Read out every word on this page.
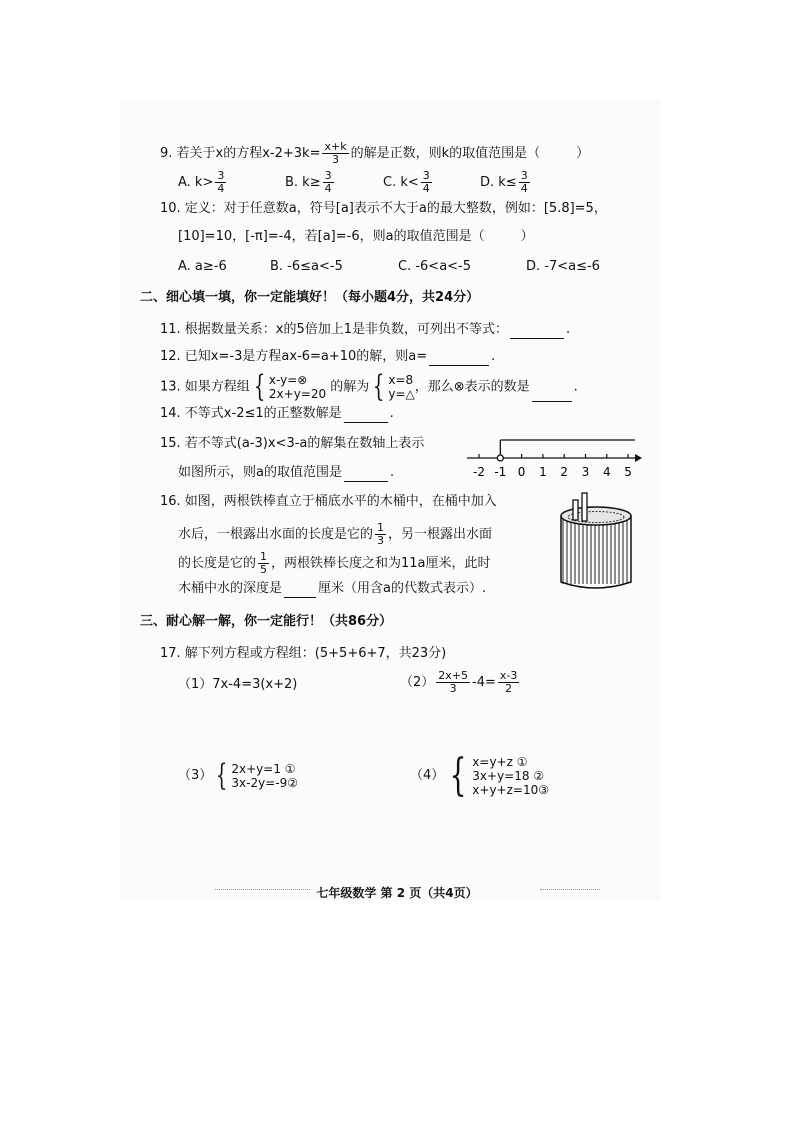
9. 若关于x的方程$x-2+3k= \frac{x+k}{3}$ 的解是正数，则k的取值范围是（	）
A. $k> \frac{3}{4}$	B. $k\ge \frac{3}{4}$	C. $k< \frac{3}{4}$	D. $k\le \frac{3}{4}$
10. 定义：对于任意数a，符号[a]表示不大于a的最大整数，例如：[5.8]=5，
[10]=10，[-π]=-4，若[a]=-6，则a的取值范围是（	）
A. a≥-6	B. -6≤a<-5	C. -6<a<-5	D. -7<a≤-6
二、细心填一填，你一定能填好！（每小题4分，共24分）
11. 根据数量关系：x的5倍加上1是非负数，可列出不等式：	.
12. 已知x=-3是方程ax-6=a+10的解，则a=	.
13. 如果方程组 { x-y=⊗
2x+y=20 的解为 { x=8
y=△ ，那么⊗表示的数是	.
14. 不等式x-2≤1的正整数解是	.
15. 若不等式(a-3)x<3-a的解集在数轴上表示
如图所示，则a的取值范围是	.	-2 -1 0 1 2 3 4 5
16. 如图，两根铁棒直立于桶底水平的木桶中，在桶中加入
水后，一根露出水面的长度是它的 $\frac{1}{3}$ ，另一根露出水面
的长度是它的 $\frac{1}{5}$ ，两根铁棒长度之和为11a厘米，此时
木桶中水的深度是	厘米（用含a的代数式表示）.
三、耐心解一解，你一定能行！（共86分）
17. 解下列方程或方程组：(5+5+6+7，共23分)
（1）7x-4=3(x+2)	$(2) \frac{2x+5}{3} -4= \frac{x-3}{2}$
（3） { 2x+y=1 ①
3x-2y=-9②	（4） { x=y+z ①
3x+y=18 ②
x+y+z=10③
七年级数学 第 2 页（共4页）
